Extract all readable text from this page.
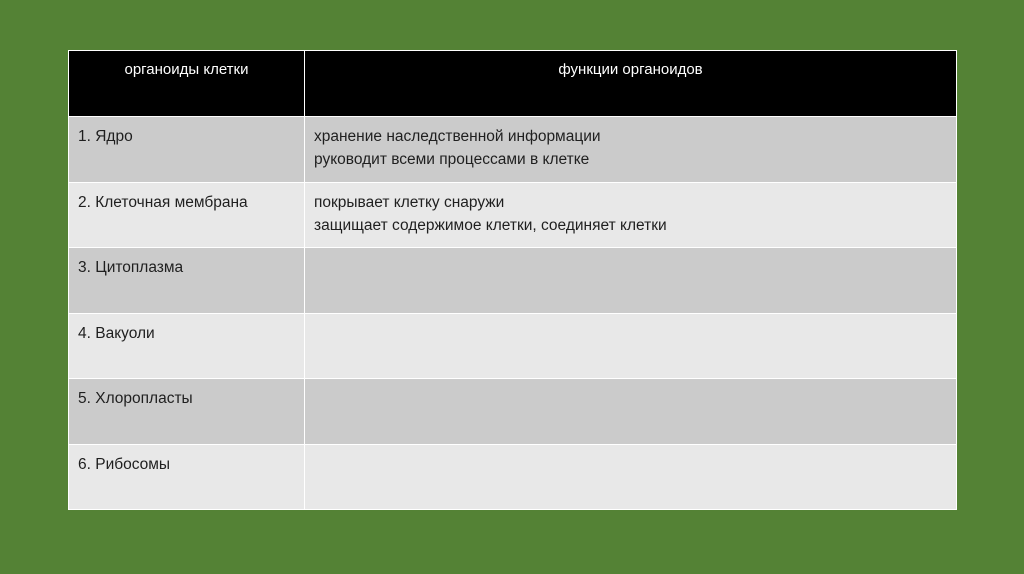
органоиды клетки	функции органоидов
1. Ядро	хранение наследственной информации
руководит всеми процессами в клетке

2. Клеточная мембрана	покрывает клетку снаружи
защищает содержимое клетки, соединяет клетки

3. Цитоплазма	
4. Вакуоли	
5. Хлоропласты	
6. Рибосомы	
